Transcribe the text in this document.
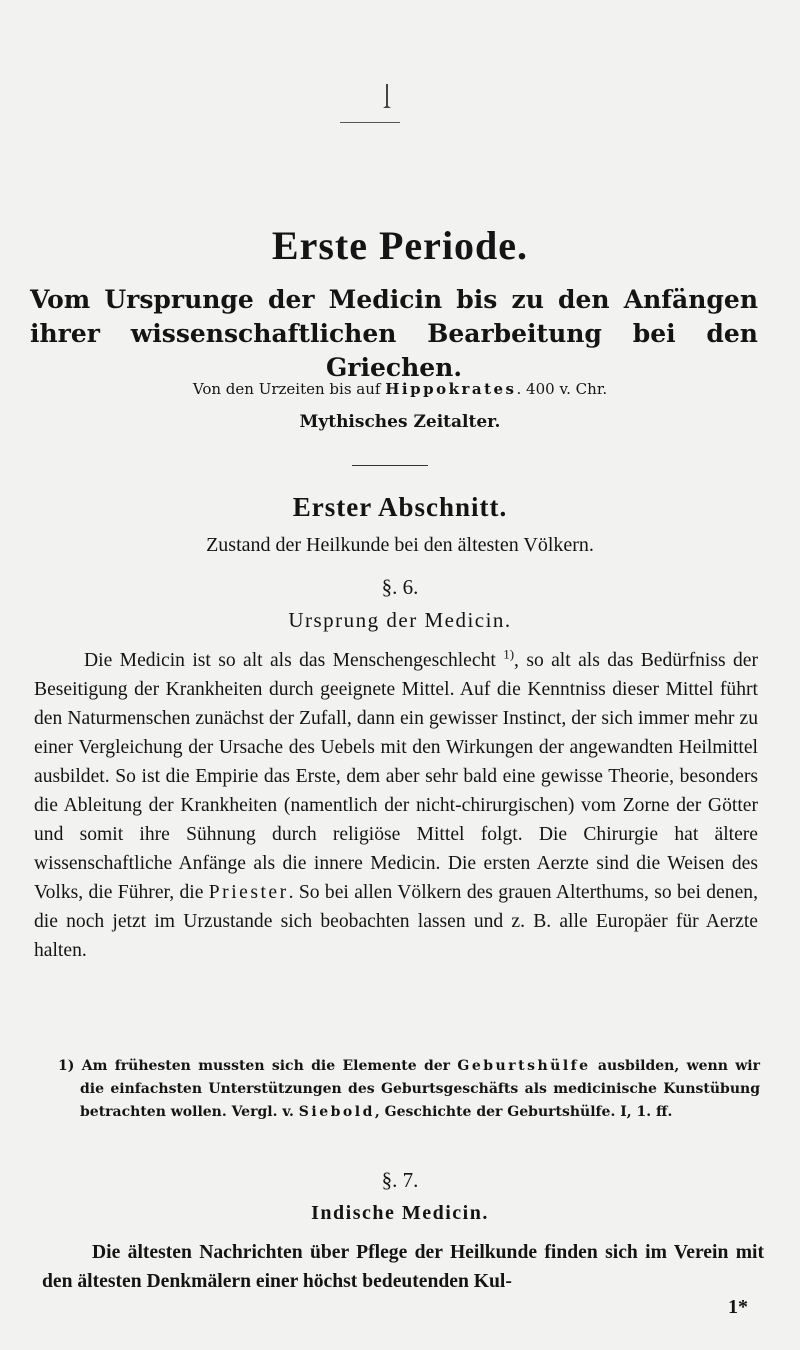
Erste Periode.
Vom Ursprunge der Medicin bis zu den Anfängen ihrer wissenschaftlichen Bearbeitung bei den Griechen.
Von den Urzeiten bis auf Hippokrates. 400 v. Chr.
Mythisches Zeitalter.
Erster Abschnitt.
Zustand der Heilkunde bei den ältesten Völkern.
§. 6.
Ursprung der Medicin.

Die Medicin ist so alt als das Menschengeschlecht $^{1)}$, so alt als das Bedürfniss der Beseitigung der Krankheiten durch geeignete Mittel. Auf die Kenntniss dieser Mittel führt den Naturmenschen zunächst der Zufall, dann ein gewisser Instinct, der sich immer mehr zu einer Vergleichung der Ursache des Uebels mit den Wirkungen der angewandten Heilmittel ausbildet. So ist die Empirie das Erste, dem aber sehr bald eine gewisse Theorie, besonders die Ableitung der Krankheiten (namentlich der nicht-chirurgischen) vom Zorne der Götter und somit ihre Sühnung durch religiöse Mittel folgt. Die Chirurgie hat ältere wissenschaftliche Anfänge als die innere Medicin. Die ersten Aerzte sind die Weisen des Volks, die Führer, die Priester. So bei allen Völkern des grauen Alterthums, so bei denen, die noch jetzt im Urzustande sich beobachten lassen und z. B. alle Europäer für Aerzte halten.

1) Am frühesten mussten sich die Elemente der Geburtshülfe ausbilden, wenn wir die einfachsten Unterstützungen des Geburtsgeschäfts als medicinische Kunstübung betrachten wollen. Vergl. v. Siebold, Geschichte der Geburtshülfe. I, 1. ff.

§. 7.
Indische Medicin.

Die ältesten Nachrichten über Pflege der Heilkunde finden sich im Verein mit den ältesten Denkmälern einer höchst bedeutenden Kul-

1*
